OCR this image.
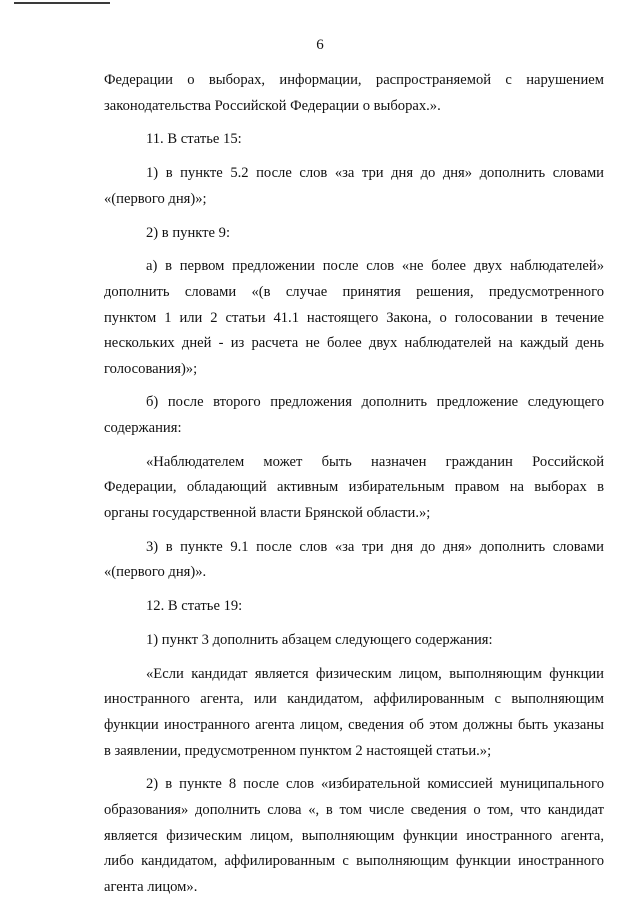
6
Федерации о выборах, информации, распространяемой с нарушением
законодательства Российской Федерации о выборах.».
11. В статье 15:
1) в пункте 5.2 после слов «за три дня до дня» дополнить словами
«(первого дня)»;
2) в пункте 9:
а) в первом предложении после слов «не более двух наблюдателей»
дополнить словами «(в случае принятия решения, предусмотренного
пунктом 1 или 2 статьи 41.1 настоящего Закона, о голосовании в течение
нескольких дней - из расчета не более двух наблюдателей на каждый день
голосования)»;
б) после второго предложения дополнить предложение следующего
содержания:
«Наблюдателем может быть назначен гражданин Российской
Федерации, обладающий активным избирательным правом на выборах в
органы государственной власти Брянской области.»;
3) в пункте 9.1 после слов «за три дня до дня» дополнить словами
«(первого дня)».
12. В статье 19:
1) пункт 3 дополнить абзацем следующего содержания:
«Если кандидат является физическим лицом, выполняющим функции
иностранного агента, или кандидатом, аффилированным с выполняющим
функции иностранного агента лицом, сведения об этом должны быть указаны
в заявлении, предусмотренном пунктом 2 настоящей статьи.»;
2) в пункте 8 после слов «избирательной комиссией муниципального
образования» дополнить слова «, в том числе сведения о том, что кандидат
является физическим лицом, выполняющим функции иностранного агента,
либо кандидатом, аффилированным с выполняющим функции иностранного
агента лицом».
